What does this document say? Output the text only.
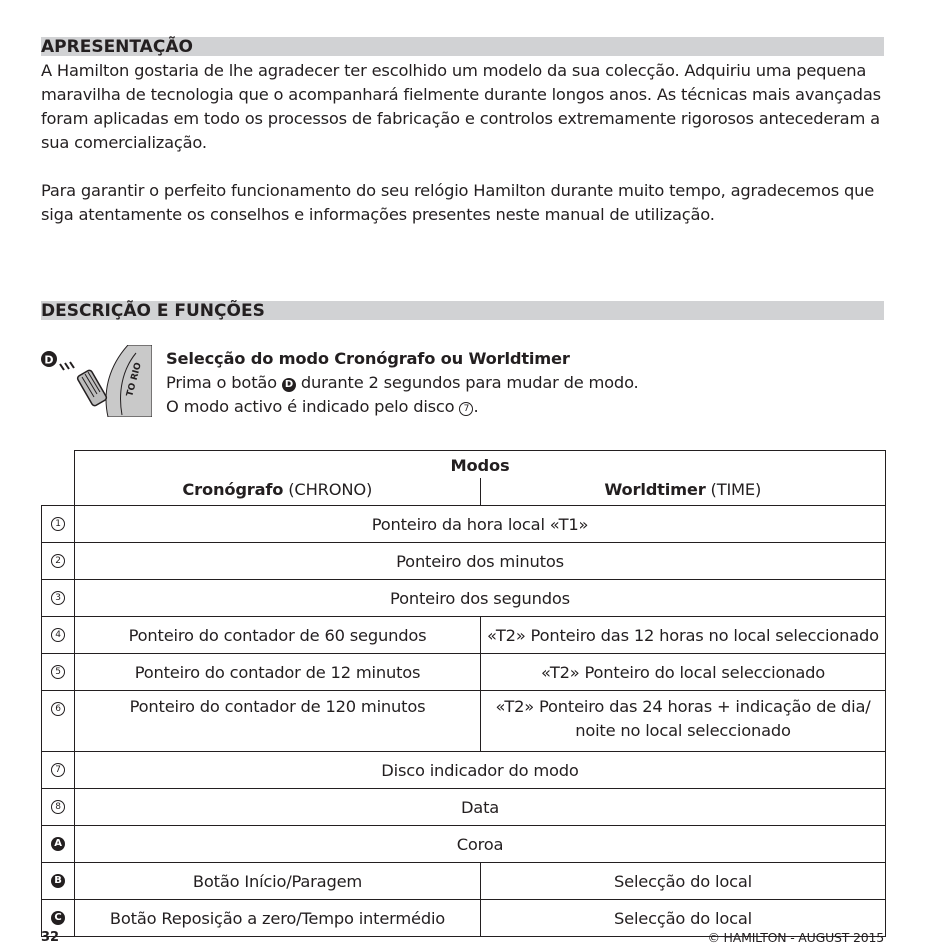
APRESENTAÇÃO

A Hamilton gostaria de lhe agradecer ter escolhido um modelo da sua colecção. Adquiriu uma pequena

maravilha de tecnologia que o acompanhará fielmente durante longos anos. As técnicas mais avançadas

foram aplicadas em todo os processos de fabricação e controlos extremamente rigorosos antecederam a

sua comercialização.

Para garantir o perfeito funcionamento do seu relógio Hamilton durante muito tempo, agradecemos que

siga atentamente os conselhos e informações presentes neste manual de utilização.

DESCRIÇÃO E FUNÇÕES
D
TO RIO
Selecção do modo Cronógrafo ou Worldtimer
Prima o botão D durante 2 segundos para mudar de modo.
O modo activo é indicado pelo disco 7 .

	Modos
Cronógrafo (CHRONO) Worldtimer (TIME)	

1	Ponteiro da hora local «T1»	
2	Ponteiro dos minutos	
3	Ponteiro dos segundos	
4	Ponteiro do contador de 60 segundos	«T2» Ponteiro das 12 horas no local seleccionado
5	Ponteiro do contador de 12 minutos	«T2» Ponteiro do local seleccionado
6	Ponteiro do contador de 120 minutos	«T2» Ponteiro das 24 horas + indicação de dia/
noite no local seleccionado

7	Disco indicador do modo	
8	Data	
A	Coroa	
B	Botão Início/Paragem	Selecção do local
C	Botão Reposição a zero/Tempo intermédio	Selecção do local
32	© HAMILTON - AUGUST 2015
